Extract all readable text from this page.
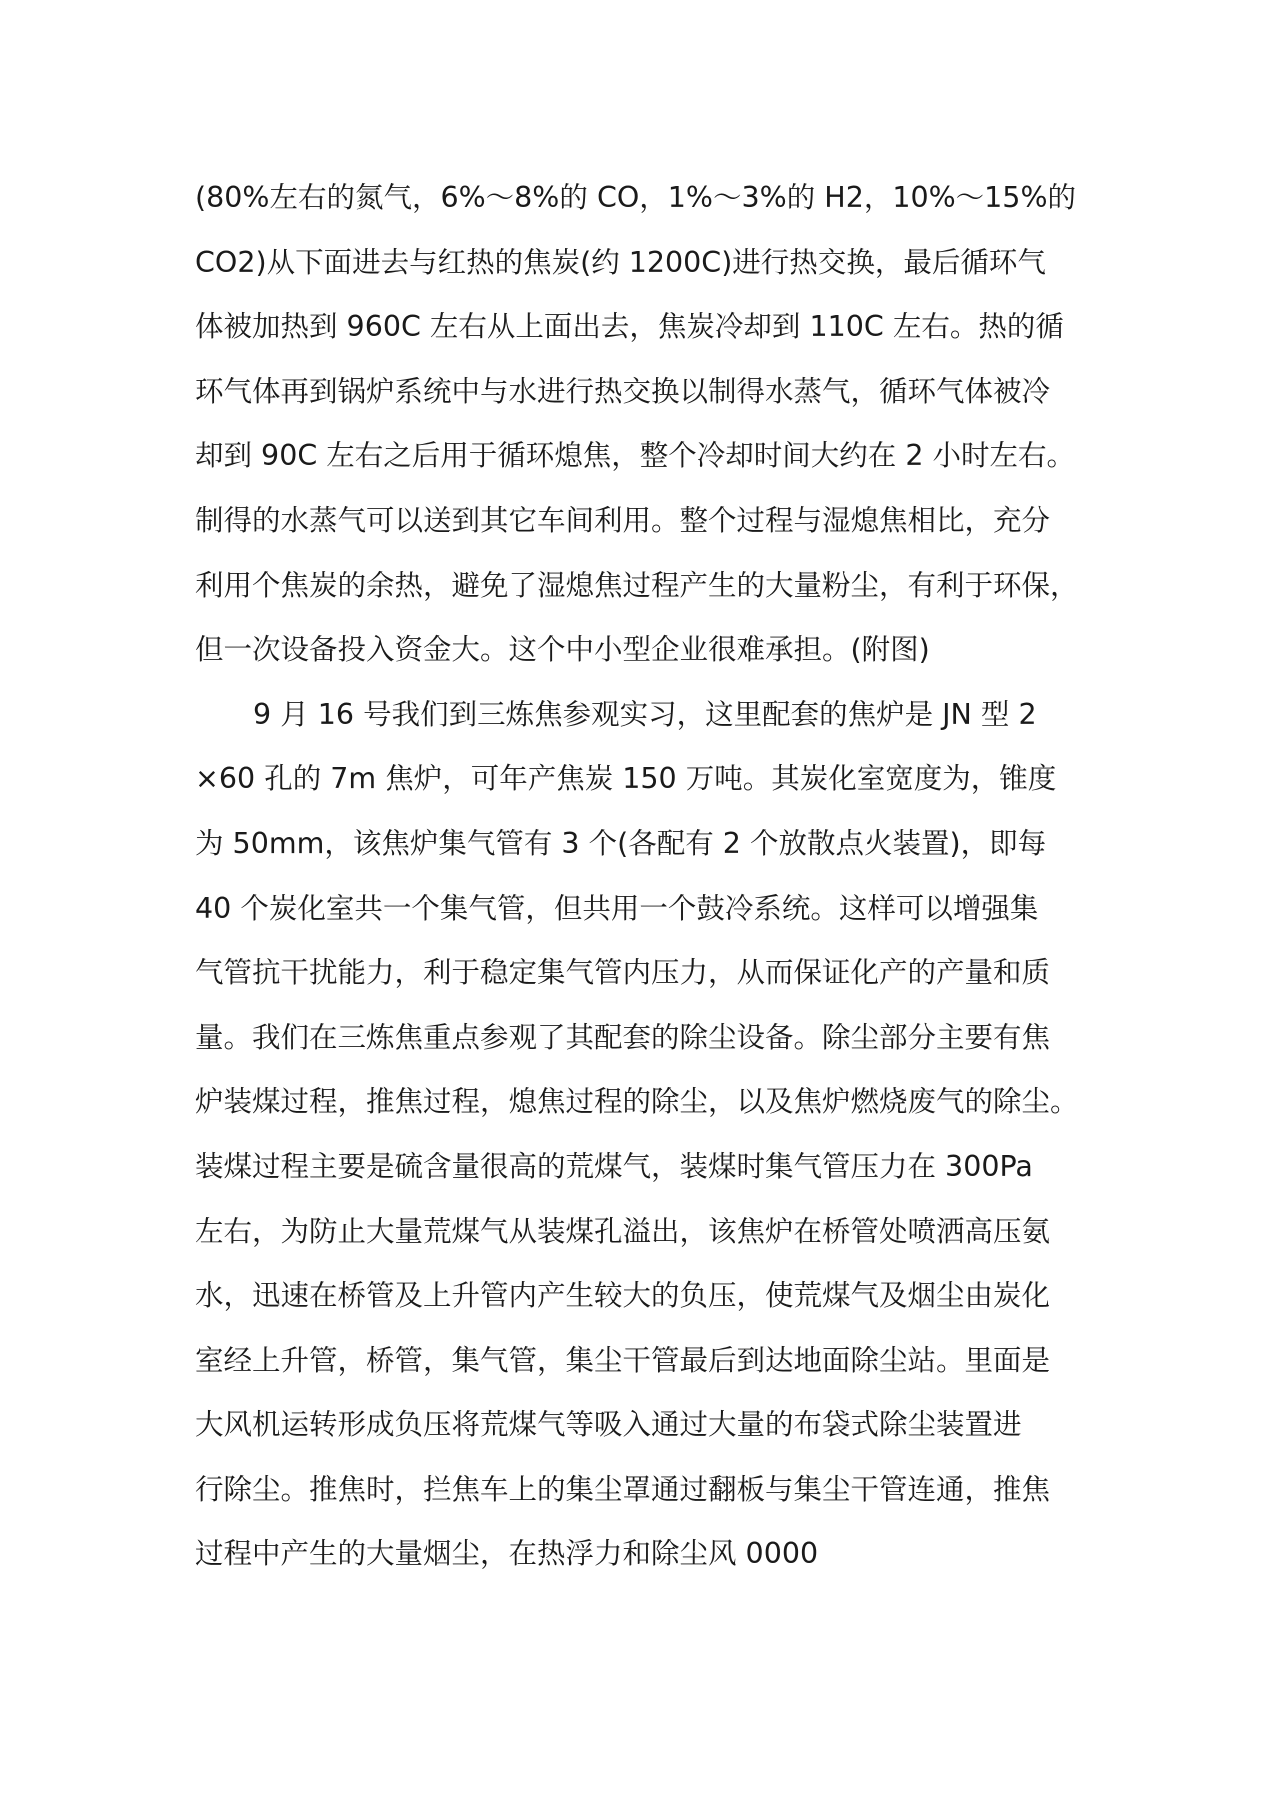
(80%左右的氮气，6%～8%的 CO，1%～3%的 H2，10%～15%的
CO2)从下面进去与红热的焦炭(约 1200C)进行热交换，最后循环气
体被加热到 960C 左右从上面出去，焦炭冷却到 110C 左右。热的循
环气体再到锅炉系统中与水进行热交换以制得水蒸气，循环气体被冷
却到 90C 左右之后用于循环熄焦，整个冷却时间大约在 2 小时左右。
制得的水蒸气可以送到其它车间利用。整个过程与湿熄焦相比，充分
利用个焦炭的余热，避免了湿熄焦过程产生的大量粉尘，有利于环保，
但一次设备投入资金大。这个中小型企业很难承担。(附图)
9 月 16 号我们到三炼焦参观实习，这里配套的焦炉是 JN 型 2
×60 孔的 7m 焦炉，可年产焦炭 150 万吨。其炭化室宽度为，锥度
为 50mm，该焦炉集气管有 3 个(各配有 2 个放散点火装置)，即每
40 个炭化室共一个集气管，但共用一个鼓冷系统。这样可以增强集
气管抗干扰能力，利于稳定集气管内压力，从而保证化产的产量和质
量。我们在三炼焦重点参观了其配套的除尘设备。除尘部分主要有焦
炉装煤过程，推焦过程，熄焦过程的除尘，以及焦炉燃烧废气的除尘。
装煤过程主要是硫含量很高的荒煤气，装煤时集气管压力在 300Pa
左右，为防止大量荒煤气从装煤孔溢出，该焦炉在桥管处喷洒高压氨
水，迅速在桥管及上升管内产生较大的负压，使荒煤气及烟尘由炭化
室经上升管，桥管，集气管，集尘干管最后到达地面除尘站。里面是
大风机运转形成负压将荒煤气等吸入通过大量的布袋式除尘装置进
行除尘。推焦时，拦焦车上的集尘罩通过翻板与集尘干管连通，推焦
过程中产生的大量烟尘，在热浮力和除尘风 0000
